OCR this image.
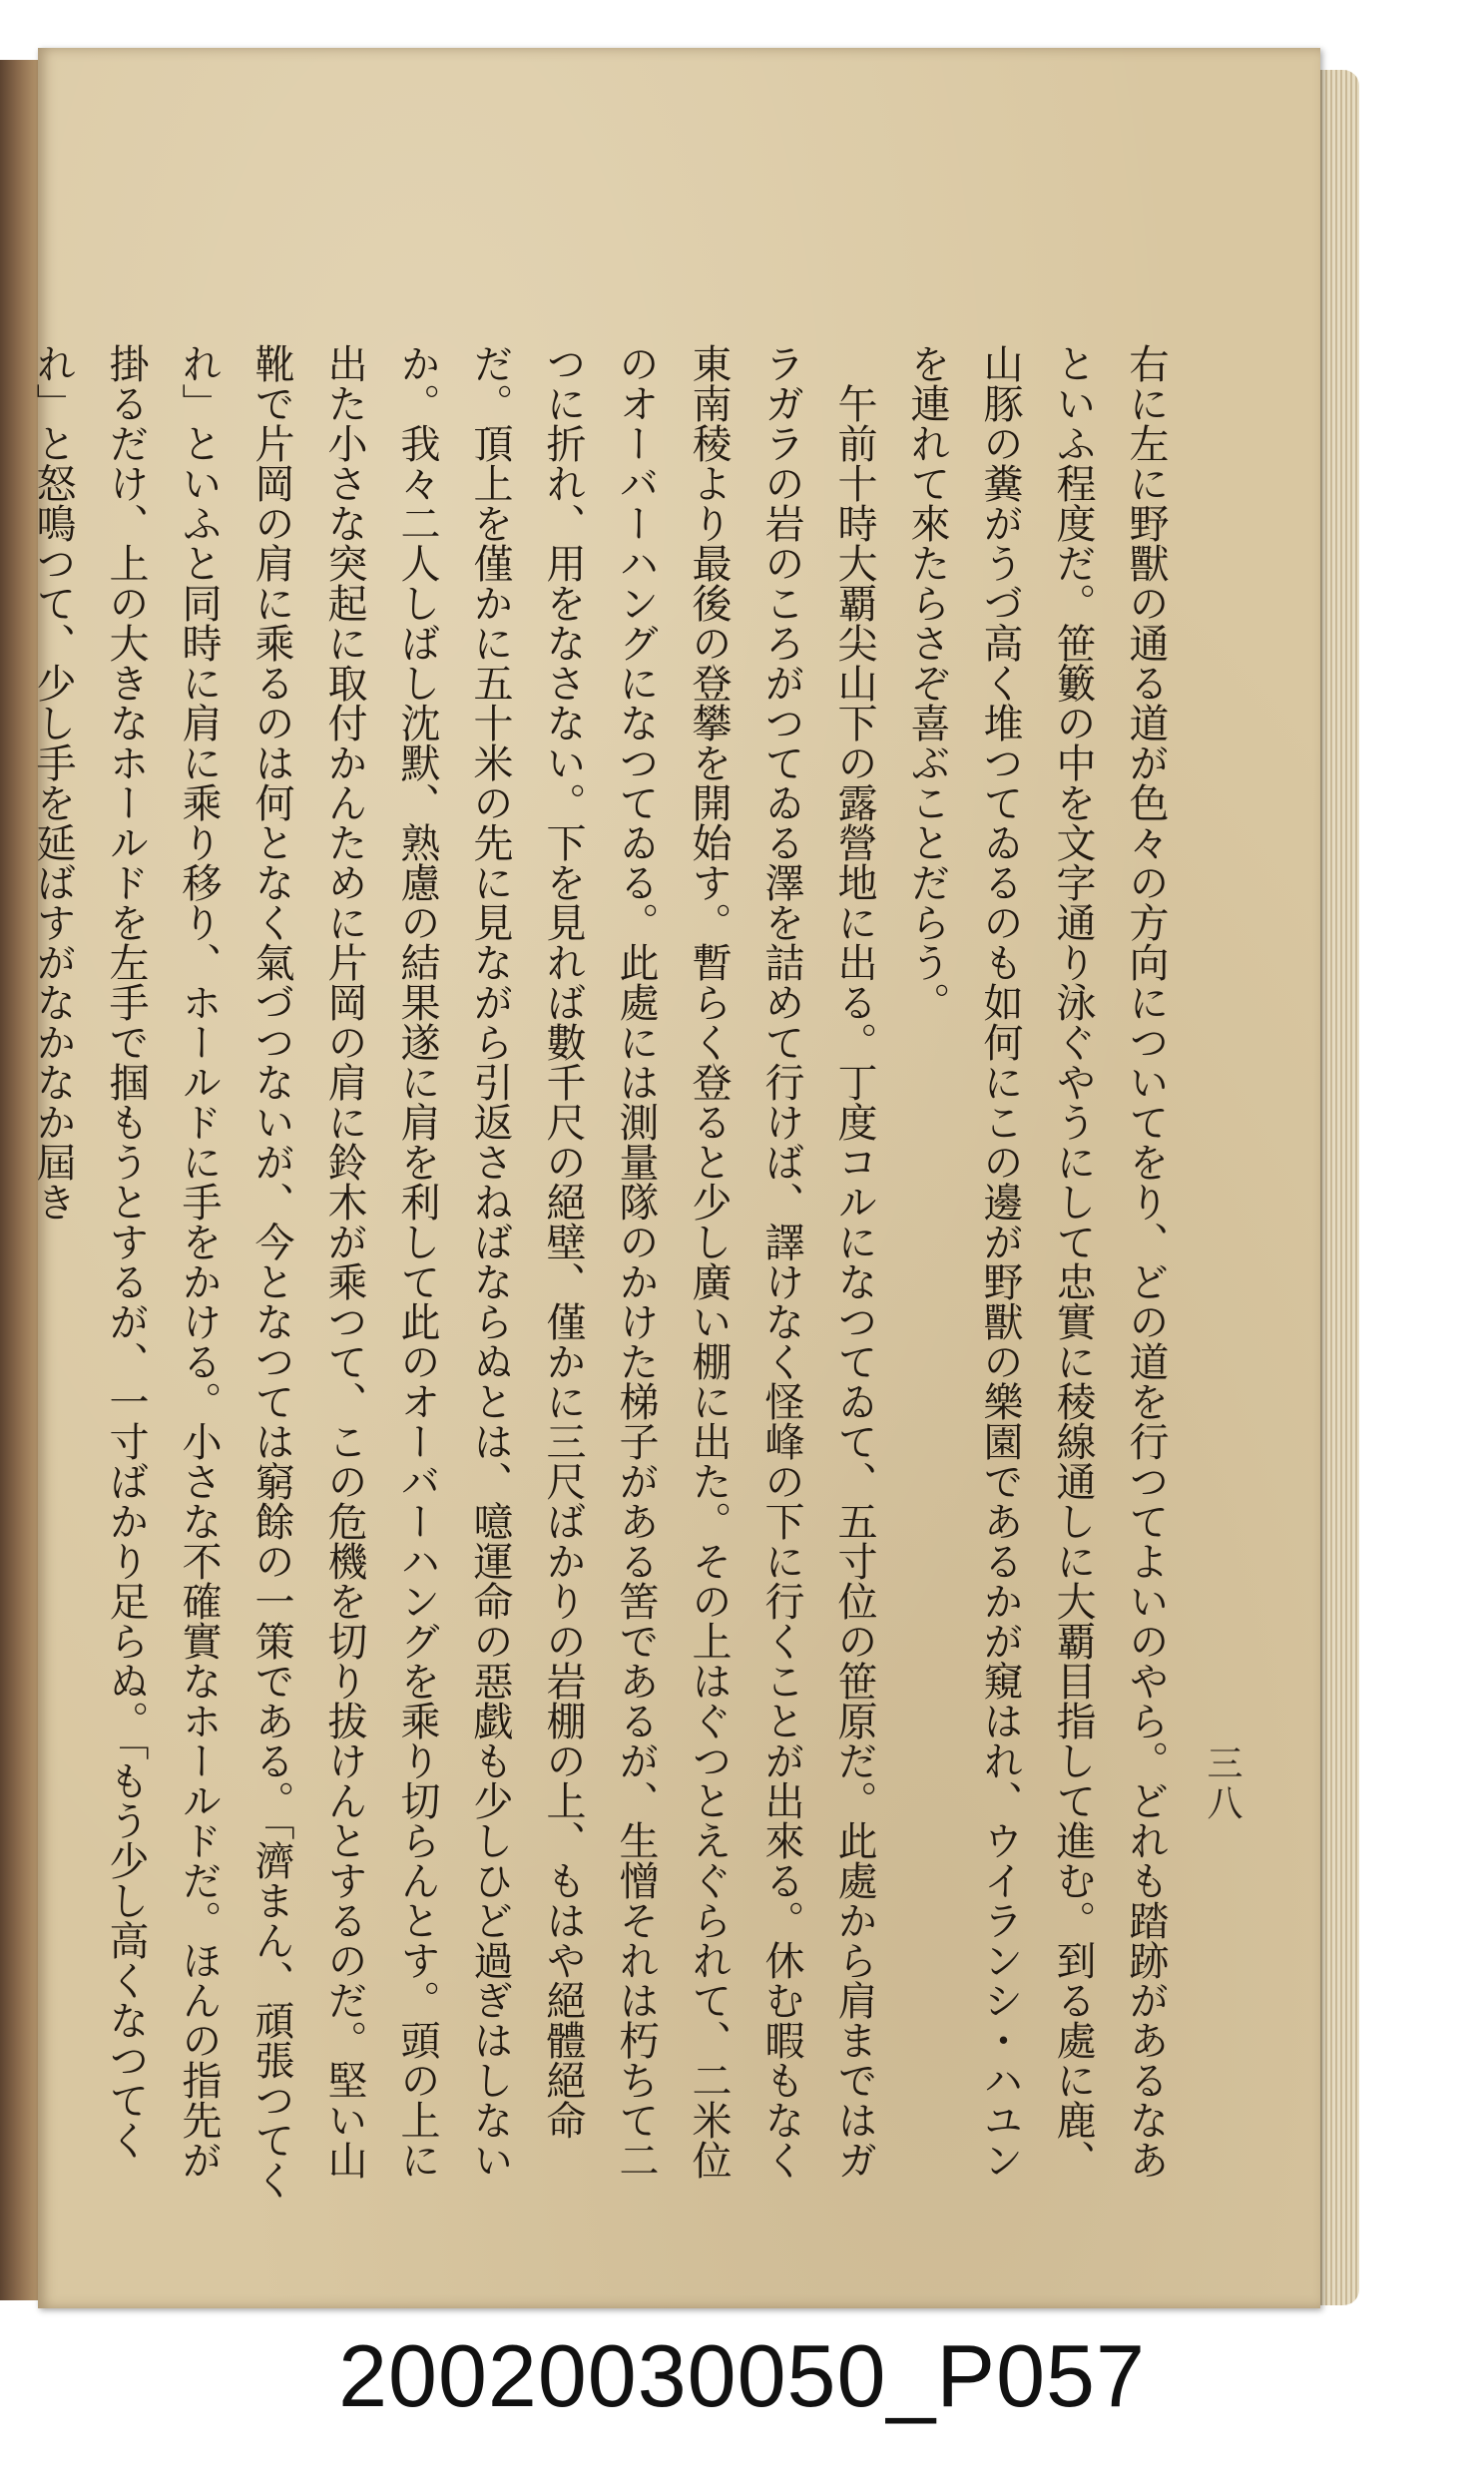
三八

右に左に野獸の通る道が色々の方向についてをり、どの道を行つてよいのやら。どれも踏跡があるなあといふ程度だ。笹籔の中を文字通り泳ぐやうにして忠實に稜線通しに大覇目指して進む。到る處に鹿、山豚の糞がうづ高く堆つてゐるのも如何にこの邊が野獸の樂園であるかが窺はれ、ウイランシ・ハユンを連れて來たらさぞ喜ぶことだらう。

午前十時大覇尖山下の露營地に出る。丁度コルになつてゐて、五寸位の笹原だ。此處から肩まではガラガラの岩のころがつてゐる澤を詰めて行けば、譯けなく怪峰の下に行くことが出來る。休む暇もなく東南稜より最後の登攀を開始す。暫らく登ると少し廣い棚に出た。その上はぐつとえぐられて、二米位のオーバーハングになつてゐる。此處には測量隊のかけた梯子がある筈であるが、生憎それは朽ちて二つに折れ、用をなさない。下を見れば數千尺の絕壁、僅かに三尺ばかりの岩棚の上、もはや絕體絕命だ。頂上を僅かに五十米の先に見ながら引返さねばならぬとは、噫運命の惡戯も少しひど過ぎはしないか。我々二人しばし沈默、熟慮の結果遂に肩を利して此のオーバーハングを乘り切らんとす。頭の上に出た小さな突起に取付かんために片岡の肩に鈴木が乘つて、この危機を切り拔けんとするのだ。堅い山靴で片岡の肩に乘るのは何となく氣づつないが、今となつては窮餘の一策である。「濟まん、頑張つてくれ」といふと同時に肩に乘り移り、ホールドに手をかける。小さな不確實なホールドだ。ほんの指先が掛るだけ、上の大きなホールドを左手で掴もうとするが、一寸ばかり足らぬ。「もう少し高くなつてくれ」と怒鳴つて、少し手を延ばすがなかなか屆き

20020030050_P057
